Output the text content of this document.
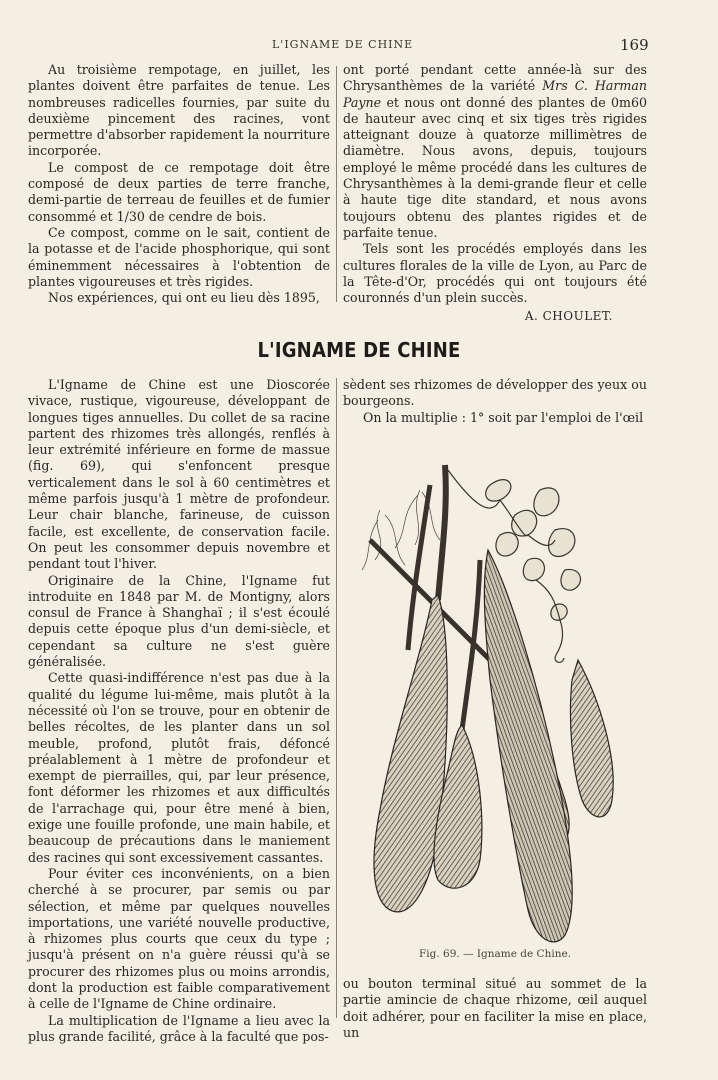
L'IGNAME DE CHINE	169

Au troisième rempotage, en juillet, les plantes doivent être parfaites de tenue. Les nombreuses radicelles fournies, par suite du deuxième pincement des racines, vont permettre d'absorber rapidement la nourriture incorporée.

Le compost de ce rempotage doit être composé de deux parties de terre franche, demi-partie de terreau de feuilles et de fumier consommé et 1/30 de cendre de bois.

Ce compost, comme on le sait, contient de la potasse et de l'acide phosphorique, qui sont éminemment nécessaires à l'obtention de plantes vigoureuses et très rigides.

Nos expériences, qui ont eu lieu dès 1895,

ont porté pendant cette année-là sur des Chrysanthèmes de la variété Mrs C. Harman Payne et nous ont donné des plantes de 0m60 de hauteur avec cinq et six tiges très rigides atteignant douze à quatorze millimètres de diamètre. Nous avons, depuis, toujours employé le même procédé dans les cultures de Chrysanthèmes à la demi-grande fleur et celle à haute tige dite standard, et nous avons toujours obtenu des plantes rigides et de parfaite tenue.

Tels sont les procédés employés dans les cultures florales de la ville de Lyon, au Parc de la Tête-d'Or, procédés qui ont toujours été couronnés d'un plein succès.

A. CHOULET.
L'IGNAME DE CHINE

L'Igname de Chine est une Dioscorée vivace, rustique, vigoureuse, développant de longues tiges annuelles. Du collet de sa racine partent des rhizomes très allongés, renflés à leur extrémité inférieure en forme de massue (fig. 69), qui s'enfoncent presque verticalement dans le sol à 60 centimètres et même parfois jusqu'à 1 mètre de profondeur. Leur chair blanche, farineuse, de cuisson facile, est excellente, de conservation facile. On peut les consommer depuis novembre et pendant tout l'hiver.

Originaire de la Chine, l'Igname fut introduite en 1848 par M. de Montigny, alors consul de France à Shanghaï ; il s'est écoulé depuis cette époque plus d'un demi-siècle, et cependant sa culture ne s'est guère généralisée.

Cette quasi-indifférence n'est pas due à la qualité du légume lui-même, mais plutôt à la nécessité où l'on se trouve, pour en obtenir de belles récoltes, de les planter dans un sol meuble, profond, plutôt frais, défoncé préalablement à 1 mètre de profondeur et exempt de pierrailles, qui, par leur présence, font déformer les rhizomes et aux difficultés de l'arrachage qui, pour être mené à bien, exige une fouille profonde, une main habile, et beaucoup de précautions dans le maniement des racines qui sont excessivement cassantes.

Pour éviter ces inconvénients, on a bien cherché à se procurer, par semis ou par sélection, et même par quelques nouvelles importations, une variété nouvelle productive, à rhizomes plus courts que ceux du type ; jusqu'à présent on n'a guère réussi qu'à se procurer des rhizomes plus ou moins arrondis, dont la production est faible comparativement à celle de l'Igname de Chine ordinaire.

La multiplication de l'Igname a lieu avec la plus grande facilité, grâce à la faculté que pos-

sèdent ses rhizomes de développer des yeux ou bourgeons.

On la multiplie : 1° soit par l'emploi de l'œil

Fig. 69. — Igname de Chine.

ou bouton terminal situé au sommet de la partie amincie de chaque rhizome, œil auquel doit adhérer, pour en faciliter la mise en place, un
